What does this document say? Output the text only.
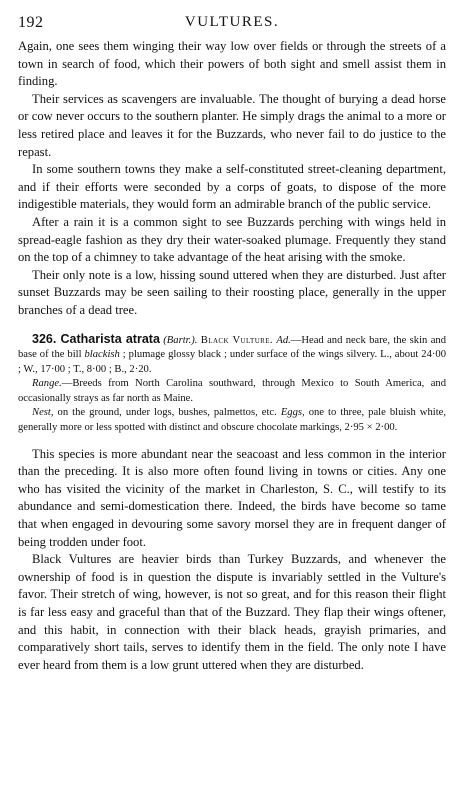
192	VULTURES.

Again, one sees them winging their way low over fields or through the streets of a town in search of food, which their powers of both sight and smell assist them in finding.

Their services as scavengers are invaluable. The thought of burying a dead horse or cow never occurs to the southern planter. He simply drags the animal to a more or less retired place and leaves it for the Buzzards, who never fail to do justice to the repast.

In some southern towns they make a self-constituted street-cleaning department, and if their efforts were seconded by a corps of goats, to dispose of the more indigestible materials, they would form an admirable branch of the public service.

After a rain it is a common sight to see Buzzards perching with wings held in spread-eagle fashion as they dry their water-soaked plumage. Frequently they stand on the top of a chimney to take advantage of the heat arising with the smoke.

Their only note is a low, hissing sound uttered when they are disturbed. Just after sunset Buzzards may be seen sailing to their roosting place, generally in the upper branches of a dead tree.

326. Catharista atrata (Bartr.). Black Vulture. Ad.—Head and neck bare, the skin and base of the bill blackish ; plumage glossy black ; under surface of the wings silvery. L., about 24·00 ; W., 17·00 ; T., 8·00 ; B., 2·20.

Range.—Breeds from North Carolina southward, through Mexico to South America, and occasionally strays as far north as Maine.

Nest, on the ground, under logs, bushes, palmettos, etc. Eggs, one to three, pale bluish white, generally more or less spotted with distinct and obscure chocolate markings, 2·95 × 2·00.

This species is more abundant near the seacoast and less common in the interior than the preceding. It is also more often found living in towns or cities. Any one who has visited the vicinity of the market in Charleston, S. C., will testify to its abundance and semi-domestication there. Indeed, the birds have become so tame that when engaged in devouring some savory morsel they are in frequent danger of being trodden under foot.

Black Vultures are heavier birds than Turkey Buzzards, and whenever the ownership of food is in question the dispute is invariably settled in the Vulture's favor. Their stretch of wing, however, is not so great, and for this reason their flight is far less easy and graceful than that of the Buzzard. They flap their wings oftener, and this habit, in connection with their black heads, grayish primaries, and comparatively short tails, serves to identify them in the field. The only note I have ever heard from them is a low grunt uttered when they are disturbed.
